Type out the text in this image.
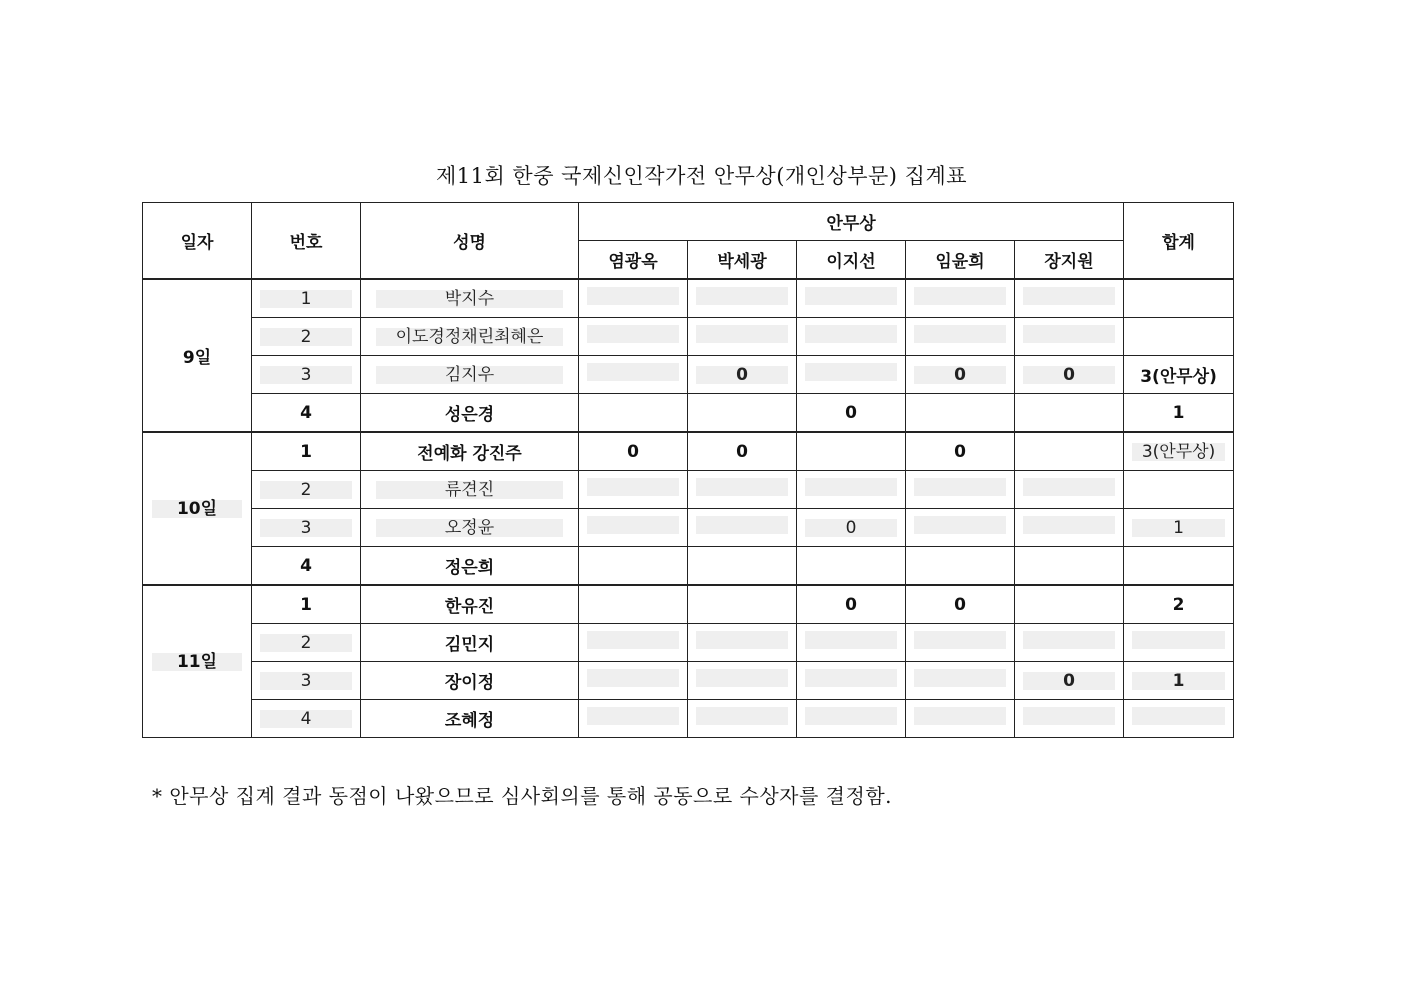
제11회 한중 국제신인작가전 안무상(개인상부문) 집계표
일자	번호	성명	안무상					합계
			염광옥	박세광	이지선	임윤희	장지원	
9일	1	박지수						
	2	이도경정채린최혜은						
	3	김지우		0		0	0	3(안무상)
	4	성은경			0			1
10일	1	전예화 강진주	0	0		0		3(안무상)
	2	류견진						
	3	오정윤			0			1
	4	정은희						
11일	1	한유진			0	0		2
	2	김민지						
	3	장이정					0	1
	4	조혜정						
* 안무상 집계 결과 동점이 나왔으므로 심사회의를 통해 공동으로 수상자를 결정함.
